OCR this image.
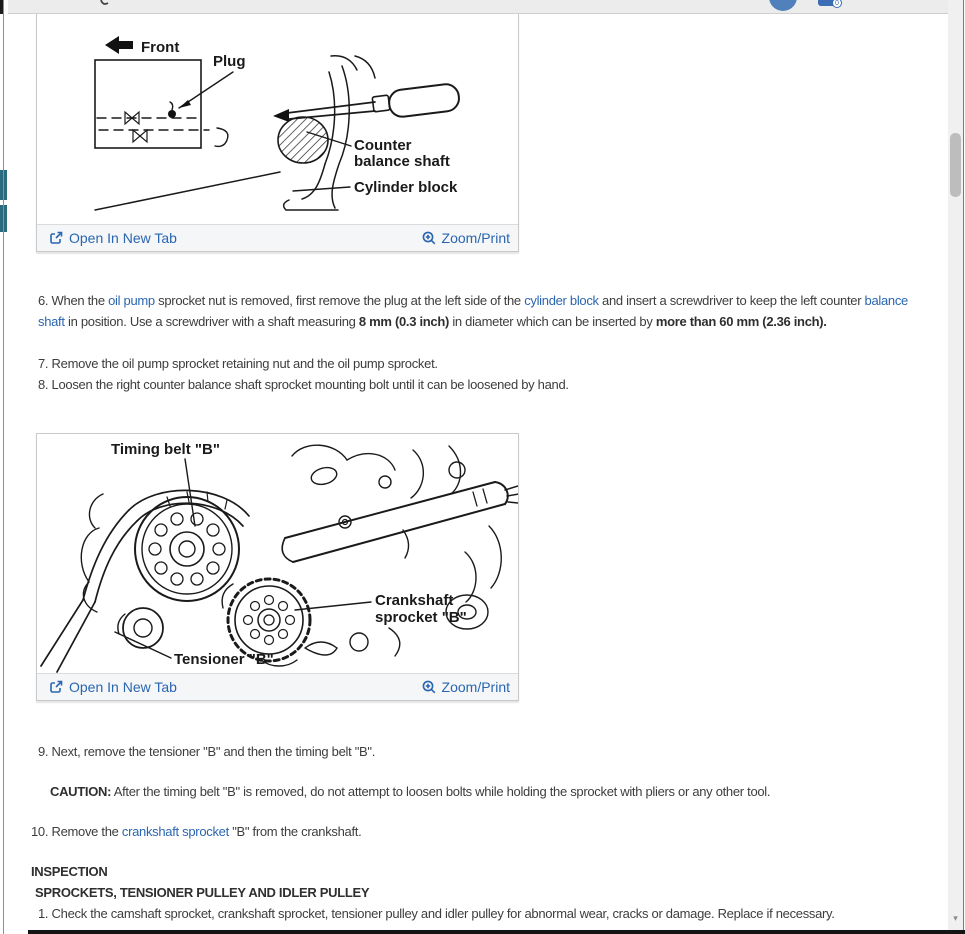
0
Front
Plug
Counter
balance shaft
Cylinder block
Open In New Tab	Zoom/Print
6. When the oil pump sprocket nut is removed, first remove the plug at the left side of the cylinder block and insert a screwdriver to keep the left counter balance shaft in position. Use a screwdriver with a shaft measuring 8 mm (0.3 inch) in diameter which can be inserted by more than 60 mm (2.36 inch).
7. Remove the oil pump sprocket retaining nut and the oil pump sprocket.
8. Loosen the right counter balance shaft sprocket mounting bolt until it can be loosened by hand.
Timing belt "B"
Crankshaft
sprocket "B"
Tensioner "B"
Open In New Tab	Zoom/Print
9. Next, remove the tensioner "B" and then the timing belt "B".
CAUTION: After the timing belt "B" is removed, do not attempt to loosen bolts while holding the sprocket with pliers or any other tool.
10. Remove the crankshaft sprocket "B" from the crankshaft.
INSPECTION
SPROCKETS, TENSIONER PULLEY AND IDLER PULLEY
1. Check the camshaft sprocket, crankshaft sprocket, tensioner pulley and idler pulley for abnormal wear, cracks or damage. Replace if necessary.	▾
